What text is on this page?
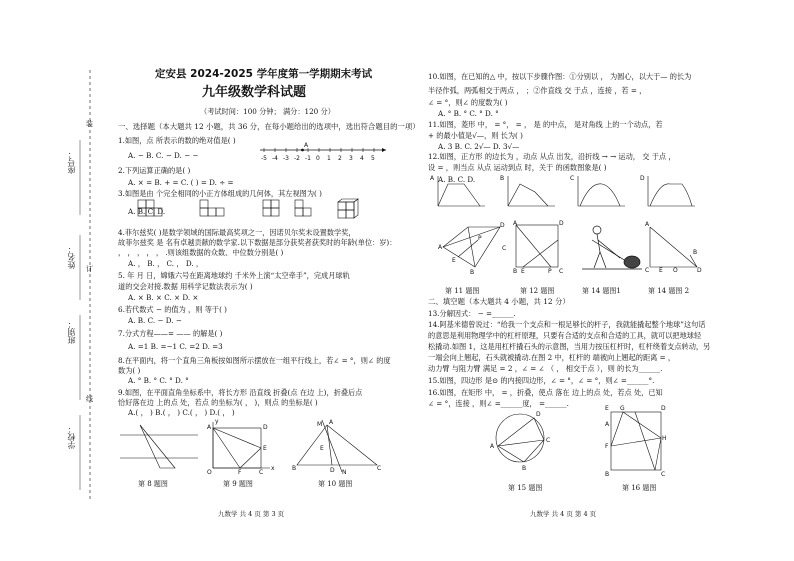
座号：
姓名：
班别：
学校：
装
订
线
定安县 2024-2025 学年度第一学期期末考试
九年级数学科试题
（考试时间：100 分钟； 满分：120 分）
一、选择题（本大题共 12 小题，共 36 分，在每小题给出的选项中，选出符合题目的一项）
1.如图，点 所表示的数的绝对值是( )
A. − B. C. − D. − −	-5 -4 -3 -2 -1 0 1 2 3 4 5
A
2.下列运算正确的是( )
A. × = B. + = C. ( ) = D. ÷ =
3.如图是由 个完全相同的小正方体组成的几何体，其左视图为( )
A. B. C. D.
4.菲尔兹奖( )是数学领域的国际最高奖项之一，因诺贝尔奖未设置数学奖，
故菲尔兹奖 是 名有卓越贡献的数学家.以下数据是部分获奖者获奖时的年龄(单位：岁)：
， ， ， ， ， .则该组数据的众数、中位数分别是( )
A. ， B. ， C. ， D. ，
5. 年 月 日，嫦娥六号在距离地球约 千米外上演“太空牵手”，完成月球轨
道的交会对接.数据 用科学记数法表示为( )
A. × B. × C. × D. ×
6.若代数式 − 的值为 ，则 等于( )
A. B. C. − D. −
7.分式方程——= —— 的解是( )
A. =1 B. =−1 C. =2 D. =3
8.在平面内，将一个直角三角板按如图所示摆放在一组平行线上，若∠ = °，则∠ 的度
数为( )
A. ° B. ° C. ° D. °
9.如图，在平面直角坐标系中，将长方形 沿直线 折叠(点 在边 上)，折叠后点
恰好落在边 上的点 处，若点 的坐标为( ， )，则点 的坐标是( )
A.( ， ) B.( ， ) C.( ， ) D.( ， )
A	D
E
O	F	C
x
y	M
N
A
E
B	D	C
第 8 题图	第 9 题图	第 10 题图
九数学 共 4 页 第 3 页
10.如图，在已知的△ 中，按以下步骤作图：①分别以 ， 为圆心，以大于— 的长为
半径作弧，两弧相交于两点 ， ；②作直线 交 于点 ，连接 ，若 = ，
∠ = °，则∠ 的度数为( )
A. ° B. ° C. ° D. °
11.如图，菱形 中， = °， = ， 是 的中点， 是对角线 上的一个动点，若
+ 的最小值是√—，则 长为( )
A. 3 B. C. 2√— D. 3√—
12.如图，正方形 的边长为 ，动点 从点 出发，沿折线 → → 运动， 交 于点 ，
设 = ，则当点 从点 运动到点 时，关于 的函数图象是( )
A. B. C. D.
A	B	C	D
D
A
E
C
B
P
A	D
B E	P C
A
B
C	D
O
E
第 11 题图	第 12 题图	第 14 题图1	第 14 题图 2
二、填空题（本大题共 4 小题，共 12 分）
13.分解因式： − =______.
14.阿基米德曾说过：“给我一个支点和一根足够长的杆子，我就能撬起整个地球”这句话
的意思是利用物理学中的杠杆原理，只要有合适的支点和合适的工具，就可以把地球轻
松撬动.如图 1，这是用杠杆撬石头的示意图，当用力按压杠杆时，杠杆绕着支点转动，另
一端会向上翘起，石头就被撬动.在图 2 中，杠杆的 端被向上翘起的距离 = ，
动力臂 与阻力臂 满足 = 2 ，∠ = ∠ （ ， 相交于点 ），则 的长为______.
15.如图，四边形 是⊙ 的内接四边形，∠ = °，∠ = °，则∠ =______°.
16.如图，在矩形 中， = ，折叠，使点 落在 边上的点 处，若点 处，已知
∠ = °，连接 ，则∠ =______度， =______.
D
A
C
B
E G	D
A
F
H
B	C
第 15 题图	第 16 题图
九数学 共 4 页 第 4 页
